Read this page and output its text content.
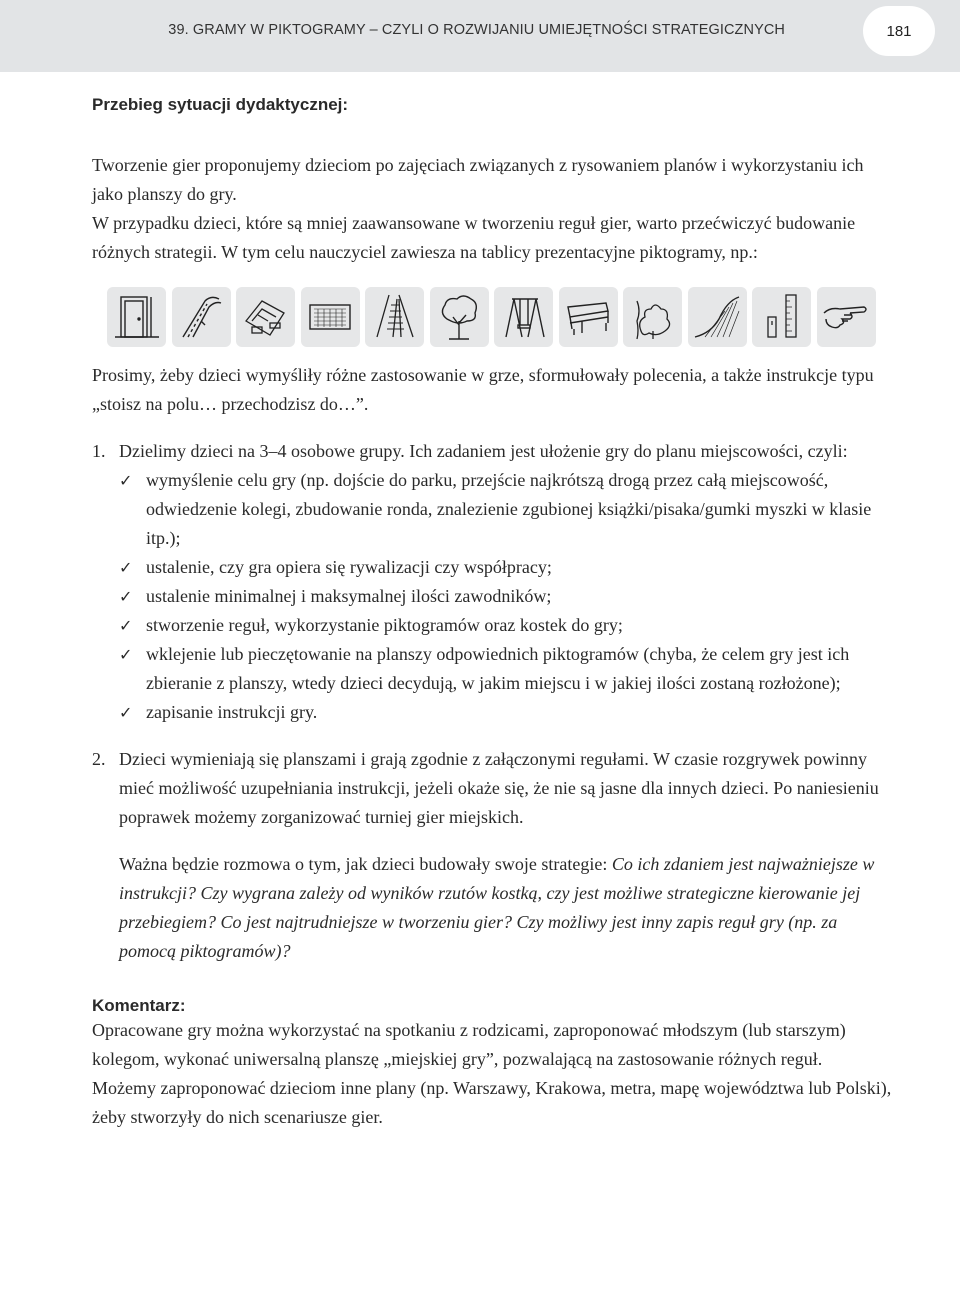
39. GRAMY W PIKTOGRAMY – CZYLI O ROZWIJANIU UMIEJĘTNOŚCI STRATEGICZNYCH	181
Przebieg sytuacji dydaktycznej:

Tworzenie gier proponujemy dzieciom po zajęciach związanych z rysowaniem planów i wykorzystaniu ich jako planszy do gry.

W przypadku dzieci, które są mniej zaawansowane w tworzeniu reguł gier, warto przećwiczyć budowanie różnych strategii. W tym celu nauczyciel zawiesza na tablicy prezentacyjne piktogramy, np.:

Prosimy, żeby dzieci wymyśliły różne zastosowanie w grze, sformułowały polecenia, a także instrukcje typu „stoisz na polu… przechodzisz do…”.

1. Dzielimy dzieci na 3–4 osobowe grupy. Ich zadaniem jest ułożenie gry do planu miejscowości, czyli:
✓ wymyślenie celu gry (np. dojście do parku, przejście najkrótszą drogą przez całą miejscowość, odwiedzenie kolegi, zbudowanie ronda, znalezienie zgubionej książki/pisaka/gumki myszki w klasie itp.);
✓ ustalenie, czy gra opiera się rywalizacji czy współpracy;
✓ ustalenie minimalnej i maksymalnej ilości zawodników;
✓ stworzenie reguł, wykorzystanie piktogramów oraz kostek do gry;
✓ wklejenie lub pieczętowanie na planszy odpowiednich piktogramów (chyba, że celem gry jest ich zbieranie z planszy, wtedy dzieci decydują, w jakim miejscu i w jakiej ilości zostaną rozłożone);
✓ zapisanie instrukcji gry.
2. Dzieci wymieniają się planszami i grają zgodnie z załączonymi regułami. W czasie rozgrywek powinny mieć możliwość uzupełniania instrukcji, jeżeli okaże się, że nie są jasne dla innych dzieci. Po naniesieniu poprawek możemy zorganizować turniej gier miejskich.

Ważna będzie rozmowa o tym, jak dzieci budowały swoje strategie: Co ich zdaniem jest najważniejsze w instrukcji? Czy wygrana zależy od wyników rzutów kostką, czy jest możliwe strategiczne kierowanie jej przebiegiem? Co jest najtrudniejsze w tworzeniu gier? Czy możliwy jest inny zapis reguł gry (np. za pomocą piktogramów)?

Komentarz:

Opracowane gry można wykorzystać na spotkaniu z rodzicami, zaproponować młodszym (lub starszym) kolegom, wykonać uniwersalną planszę „miejskiej gry”, pozwalającą na zastosowanie różnych reguł.

Możemy zaproponować dzieciom inne plany (np. Warszawy, Krakowa, metra, mapę województwa lub Polski), żeby stworzyły do nich scenariusze gier.
